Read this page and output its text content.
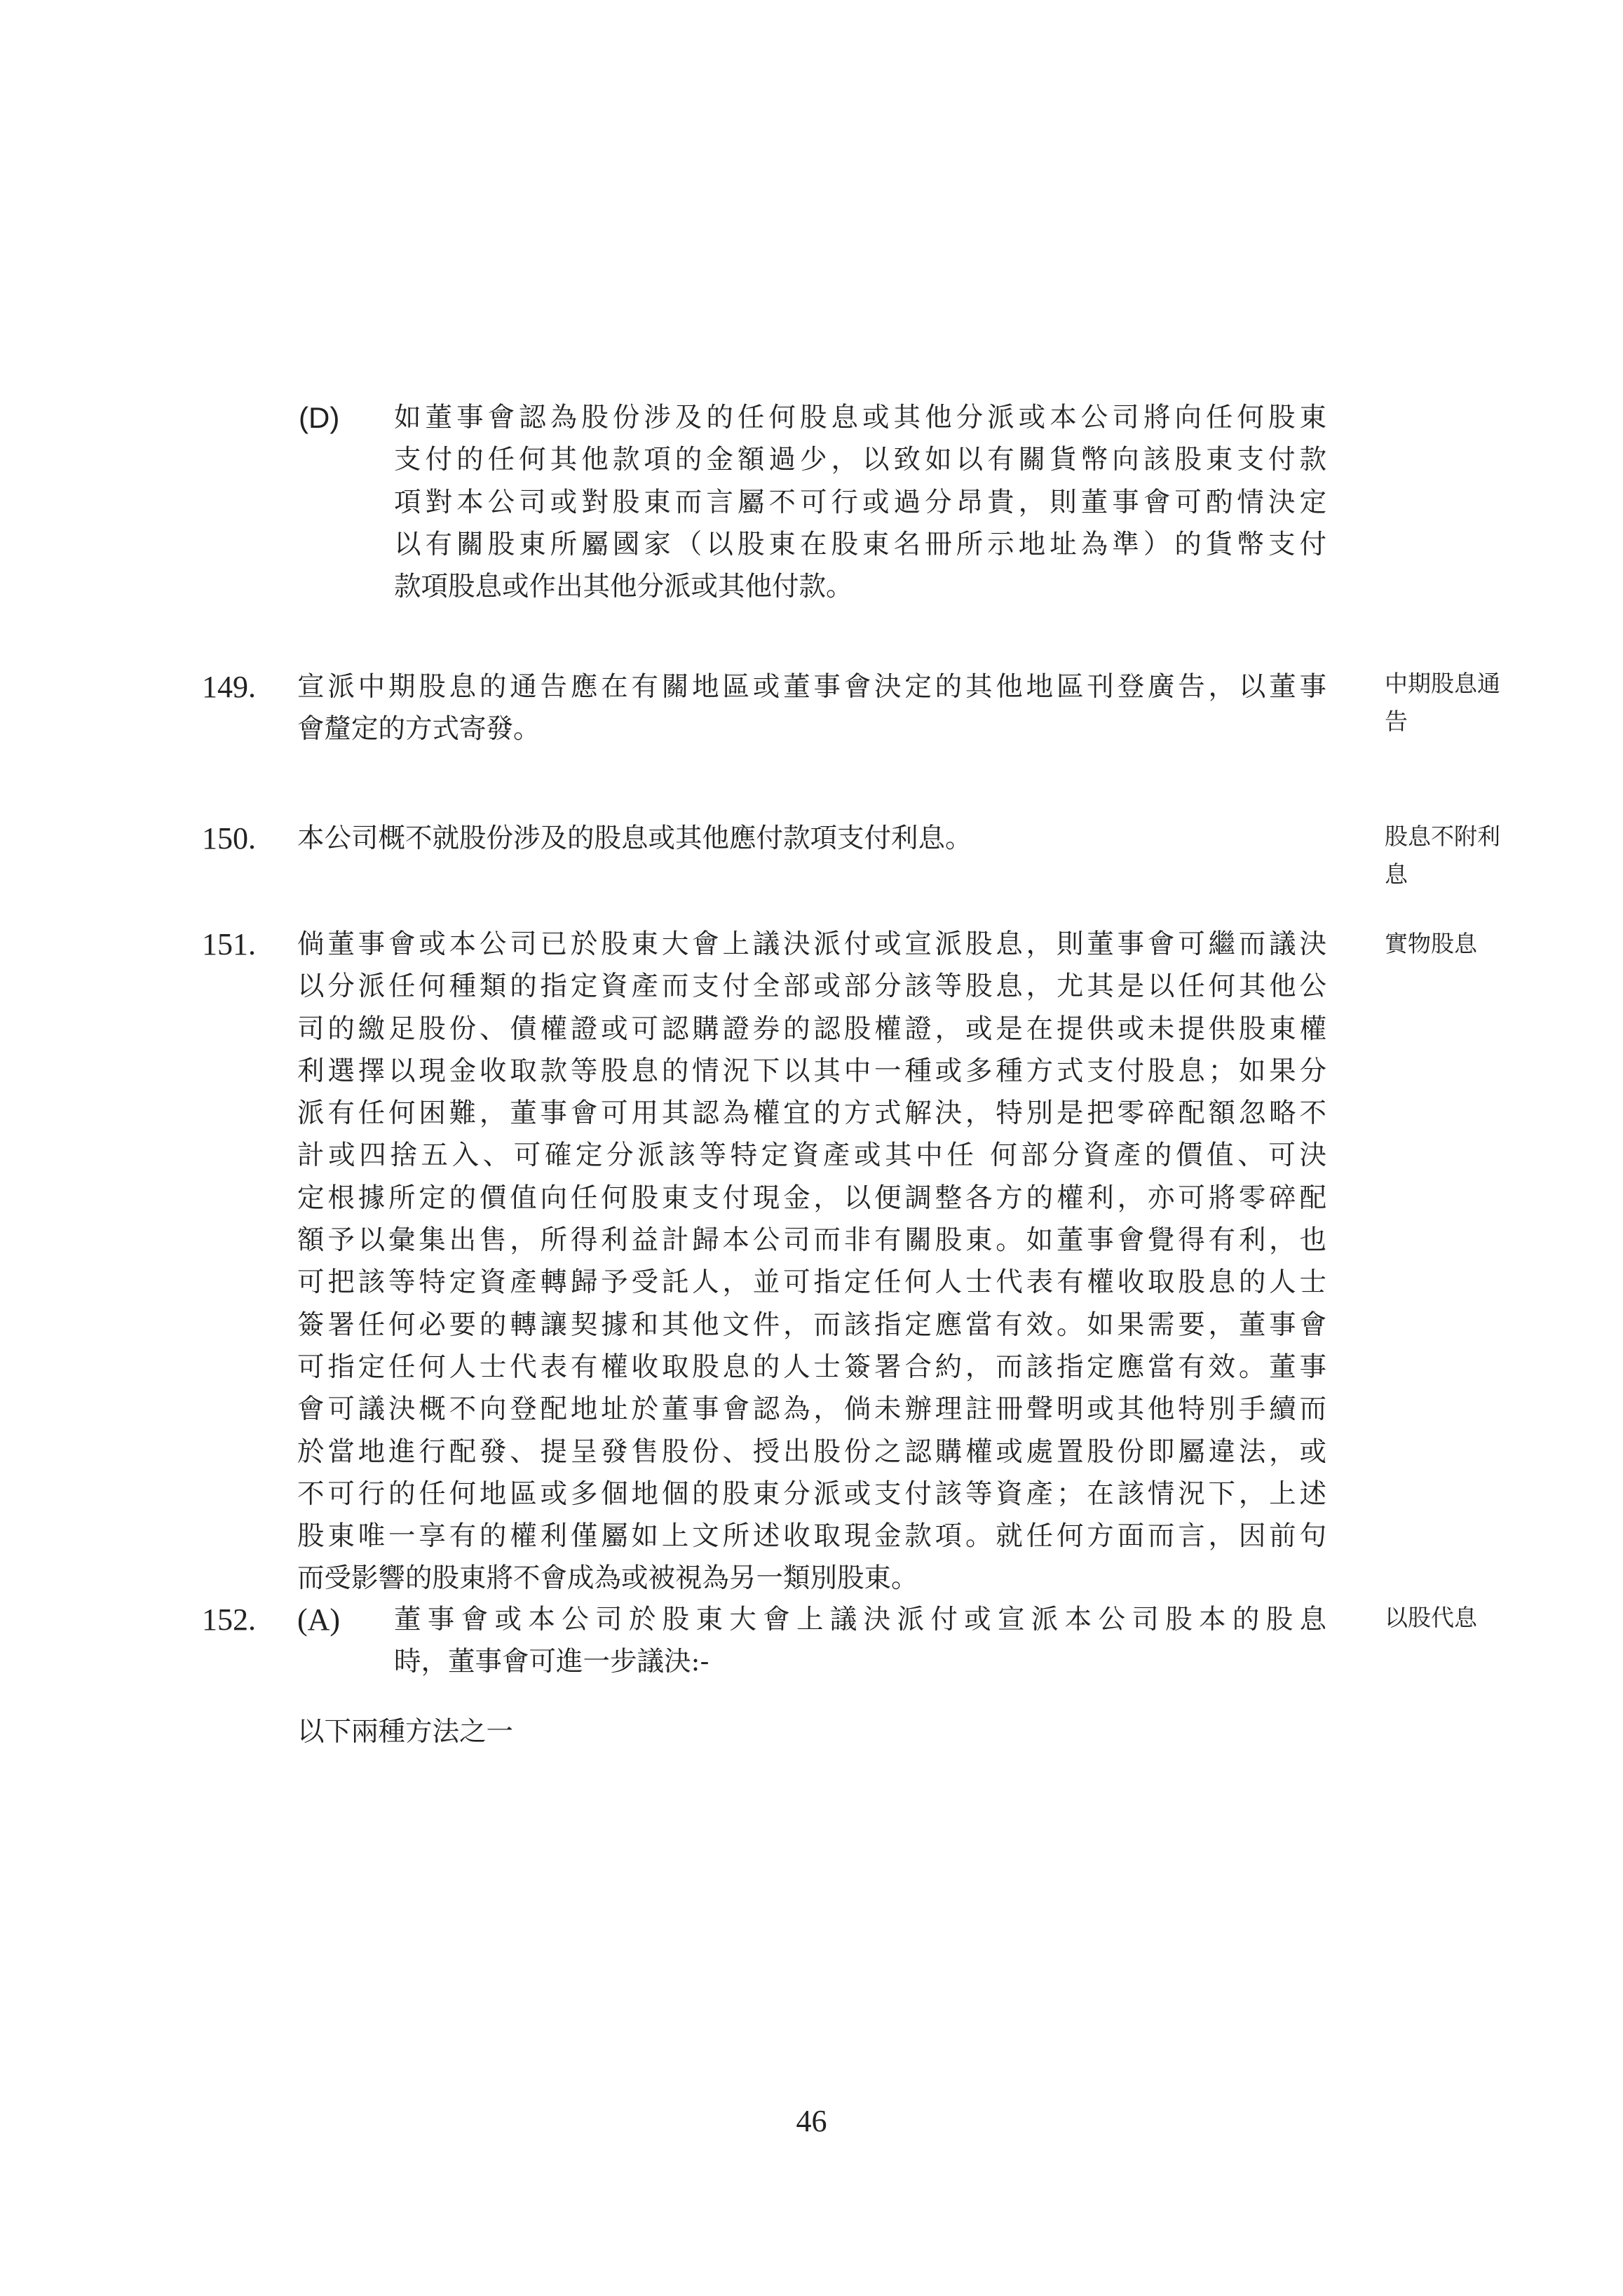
(D) 如董事會認為股份涉及的任何股息或其他分派或本公司將向任何股東
支付的任何其他款項的金額過少，以致如以有關貨幣向該股東支付款
項對本公司或對股東而言屬不可行或過分昂貴，則董事會可酌情決定
以有關股東所屬國家（以股東在股東名冊所示地址為準）的貨幣支付
款項股息或作出其他分派或其他付款。
149. 宣派中期股息的通告應在有關地區或董事會決定的其他地區刊登廣告，以董事
會釐定的方式寄發。
中期股息通
告
150. 本公司概不就股份涉及的股息或其他應付款項支付利息。	股息不附利
息
151. 倘董事會或本公司已於股東大會上議決派付或宣派股息，則董事會可繼而議決
以分派任何種類的指定資產而支付全部或部分該等股息，尤其是以任何其他公
司的繳足股份、債權證或可認購證券的認股權證，或是在提供或未提供股東權
利選擇以現金收取款等股息的情況下以其中一種或多種方式支付股息；如果分
派有任何困難，董事會可用其認為權宜的方式解決，特別是把零碎配額忽略不
計或四捨五入、可確定分派該等特定資產或其中任 何部分資產的價值、可決
定根據所定的價值向任何股東支付現金，以便調整各方的權利，亦可將零碎配
額予以彙集出售，所得利益計歸本公司而非有關股東。如董事會覺得有利，也
可把該等特定資產轉歸予受託人，並可指定任何人士代表有權收取股息的人士
簽署任何必要的轉讓契據和其他文件，而該指定應當有效。如果需要，董事會
可指定任何人士代表有權收取股息的人士簽署合約，而該指定應當有效。董事
會可議決概不向登配地址於董事會認為，倘未辦理註冊聲明或其他特別手續而
於當地進行配發、提呈發售股份、授出股份之認購權或處置股份即屬違法，或
不可行的任何地區或多個地個的股東分派或支付該等資產；在該情況下，上述
股東唯一享有的權利僅屬如上文所述收取現金款項。就任何方面而言，因前句
而受影響的股東將不會成為或被視為另一類別股東。
實物股息
152. (A) 董事會或本公司於股東大會上議決派付或宣派本公司股本的股息
時，董事會可進一步議決:-
以股代息
以下兩種方法之一
46
